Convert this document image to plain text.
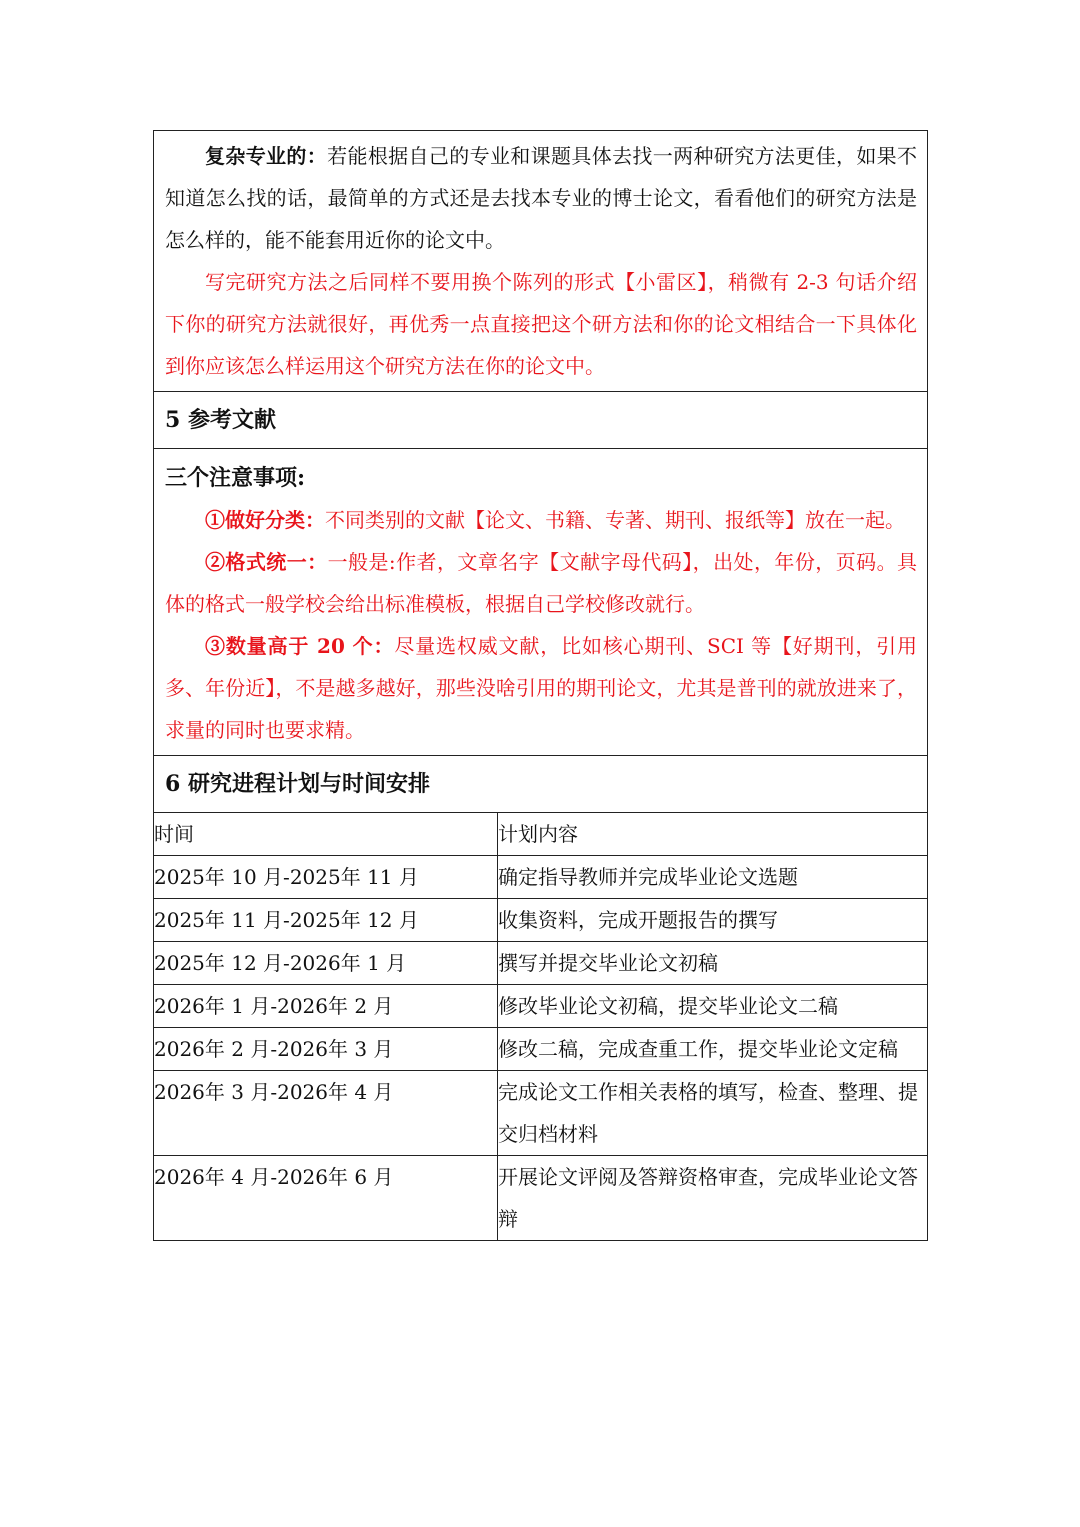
复杂专业的：若能根据自己的专业和课题具体去找一两种研究方法更佳，如果不知道怎么找的话，最简单的方式还是去找本专业的博士论文，看看他们的研究方法是怎么样的，能不能套用近你的论文中。

写完研究方法之后同样不要用换个陈列的形式【小雷区】，稍微有 2-3 句话介绍下你的研究方法就很好，再优秀一点直接把这个研方法和你的论文相结合一下具体化到你应该怎么样运用这个研究方法在你的论文中。	

5 参考文献	

三个注意事项:

①做好分类：不同类别的文献【论文、书籍、专著、期刊、报纸等】放在一起。

②格式统一：一般是:作者，文章名字【文献字母代码】，出处，年份，页码。具体的格式一般学校会给出标准模板，根据自己学校修改就行。

③数量高于 20 个：尽量选权威文献，比如核心期刊、SCI 等【好期刊，引用多、年份近】，不是越多越好，那些没啥引用的期刊论文，尤其是普刊的就放进来了，求量的同时也要求精。	

6 研究进程计划与时间安排	

时间	计划内容
2025年 10 月-2025年 11 月	确定指导教师并完成毕业论文选题
2025年 11 月-2025年 12 月	收集资料，完成开题报告的撰写
2025年 12 月-2026年 1 月	撰写并提交毕业论文初稿
2026年 1 月-2026年 2 月	修改毕业论文初稿，提交毕业论文二稿
2026年 2 月-2026年 3 月	修改二稿，完成查重工作，提交毕业论文定稿
2026年 3 月-2026年 4 月	完成论文工作相关表格的填写，检查、整理、提交归档材料
2026年 4 月-2026年 6 月	开展论文评阅及答辩资格审查，完成毕业论文答辩
